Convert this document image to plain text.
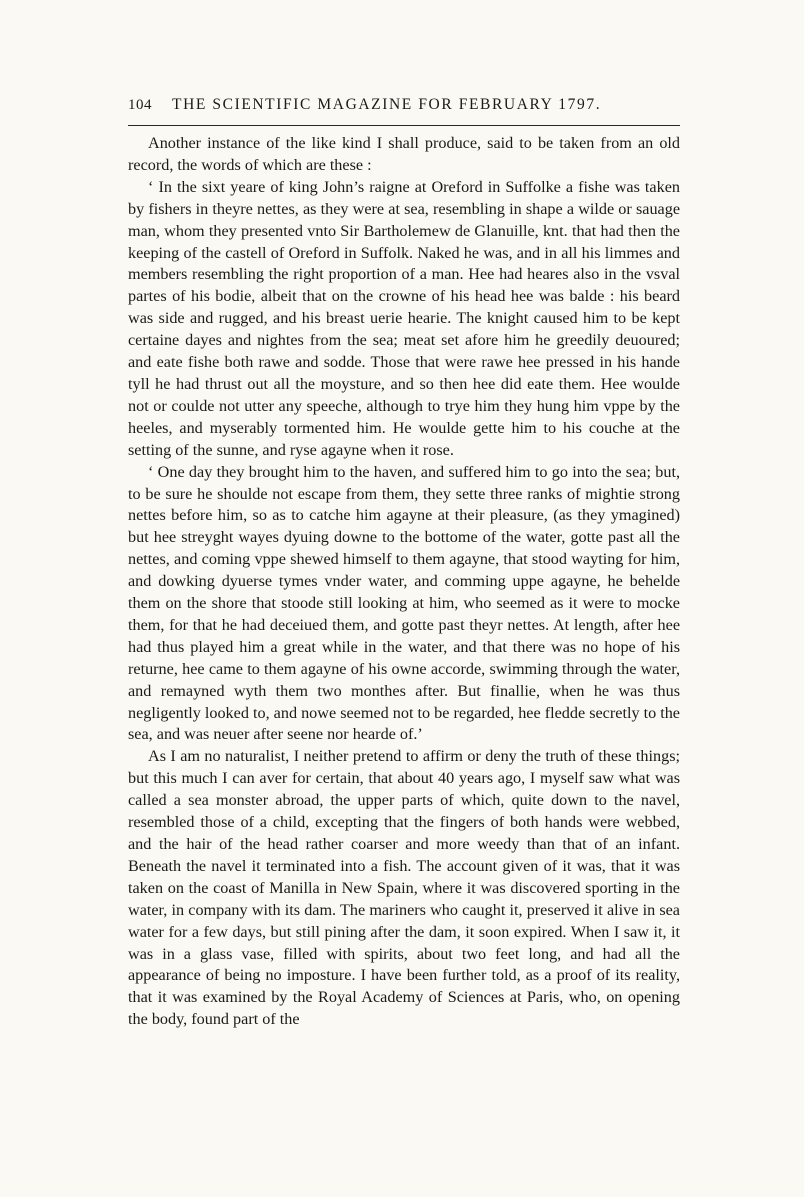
104 THE SCIENTIFIC MAGAZINE FOR FEBRUARY 1797.

Another instance of the like kind I shall produce, said to be taken from an old record, the words of which are these :

‘ In the sixt yeare of king John’s raigne at Oreford in Suffolke a fishe was taken by fishers in theyre nettes, as they were at sea, resembling in shape a wilde or sauage man, whom they presented vnto Sir Bartholemew de Glanuille, knt. that had then the keeping of the castell of Oreford in Suffolk. Naked he was, and in all his limmes and members resembling the right proportion of a man. Hee had heares also in the vsval partes of his bodie, albeit that on the crowne of his head hee was balde : his beard was side and rugged, and his breast uerie hearie. The knight caused him to be kept certaine dayes and nightes from the sea; meat set afore him he greedily deuoured; and eate fishe both rawe and sodde. Those that were rawe hee pressed in his hande tyll he had thrust out all the moysture, and so then hee did eate them. Hee woulde not or coulde not utter any speeche, although to trye him they hung him vppe by the heeles, and myserably tormented him. He woulde gette him to his couche at the setting of the sunne, and ryse agayne when it rose.

‘ One day they brought him to the haven, and suffered him to go into the sea; but, to be sure he shoulde not escape from them, they sette three ranks of mightie strong nettes before him, so as to catche him agayne at their pleasure, (as they ymagined) but hee streyght wayes dyuing downe to the bottome of the water, gotte past all the nettes, and coming vppe shewed himself to them agayne, that stood wayting for him, and dowking dyuerse tymes vnder water, and comming uppe agayne, he behelde them on the shore that stoode still looking at him, who seemed as it were to mocke them, for that he had deceiued them, and gotte past theyr nettes. At length, after hee had thus played him a great while in the water, and that there was no hope of his returne, hee came to them agayne of his owne accorde, swimming through the water, and remayned wyth them two monthes after. But finallie, when he was thus negligently looked to, and nowe seemed not to be regarded, hee fledde secretly to the sea, and was neuer after seene nor hearde of.’

As I am no naturalist, I neither pretend to affirm or deny the truth of these things; but this much I can aver for certain, that about 40 years ago, I myself saw what was called a sea monster abroad, the upper parts of which, quite down to the navel, resembled those of a child, excepting that the fingers of both hands were webbed, and the hair of the head rather coarser and more weedy than that of an infant. Beneath the navel it terminated into a fish. The account given of it was, that it was taken on the coast of Manilla in New Spain, where it was discovered sporting in the water, in company with its dam. The mariners who caught it, preserved it alive in sea water for a few days, but still pining after the dam, it soon expired. When I saw it, it was in a glass vase, filled with spirits, about two feet long, and had all the appearance of being no imposture. I have been further told, as a proof of its reality, that it was examined by the Royal Academy of Sciences at Paris, who, on opening the body, found part of the
